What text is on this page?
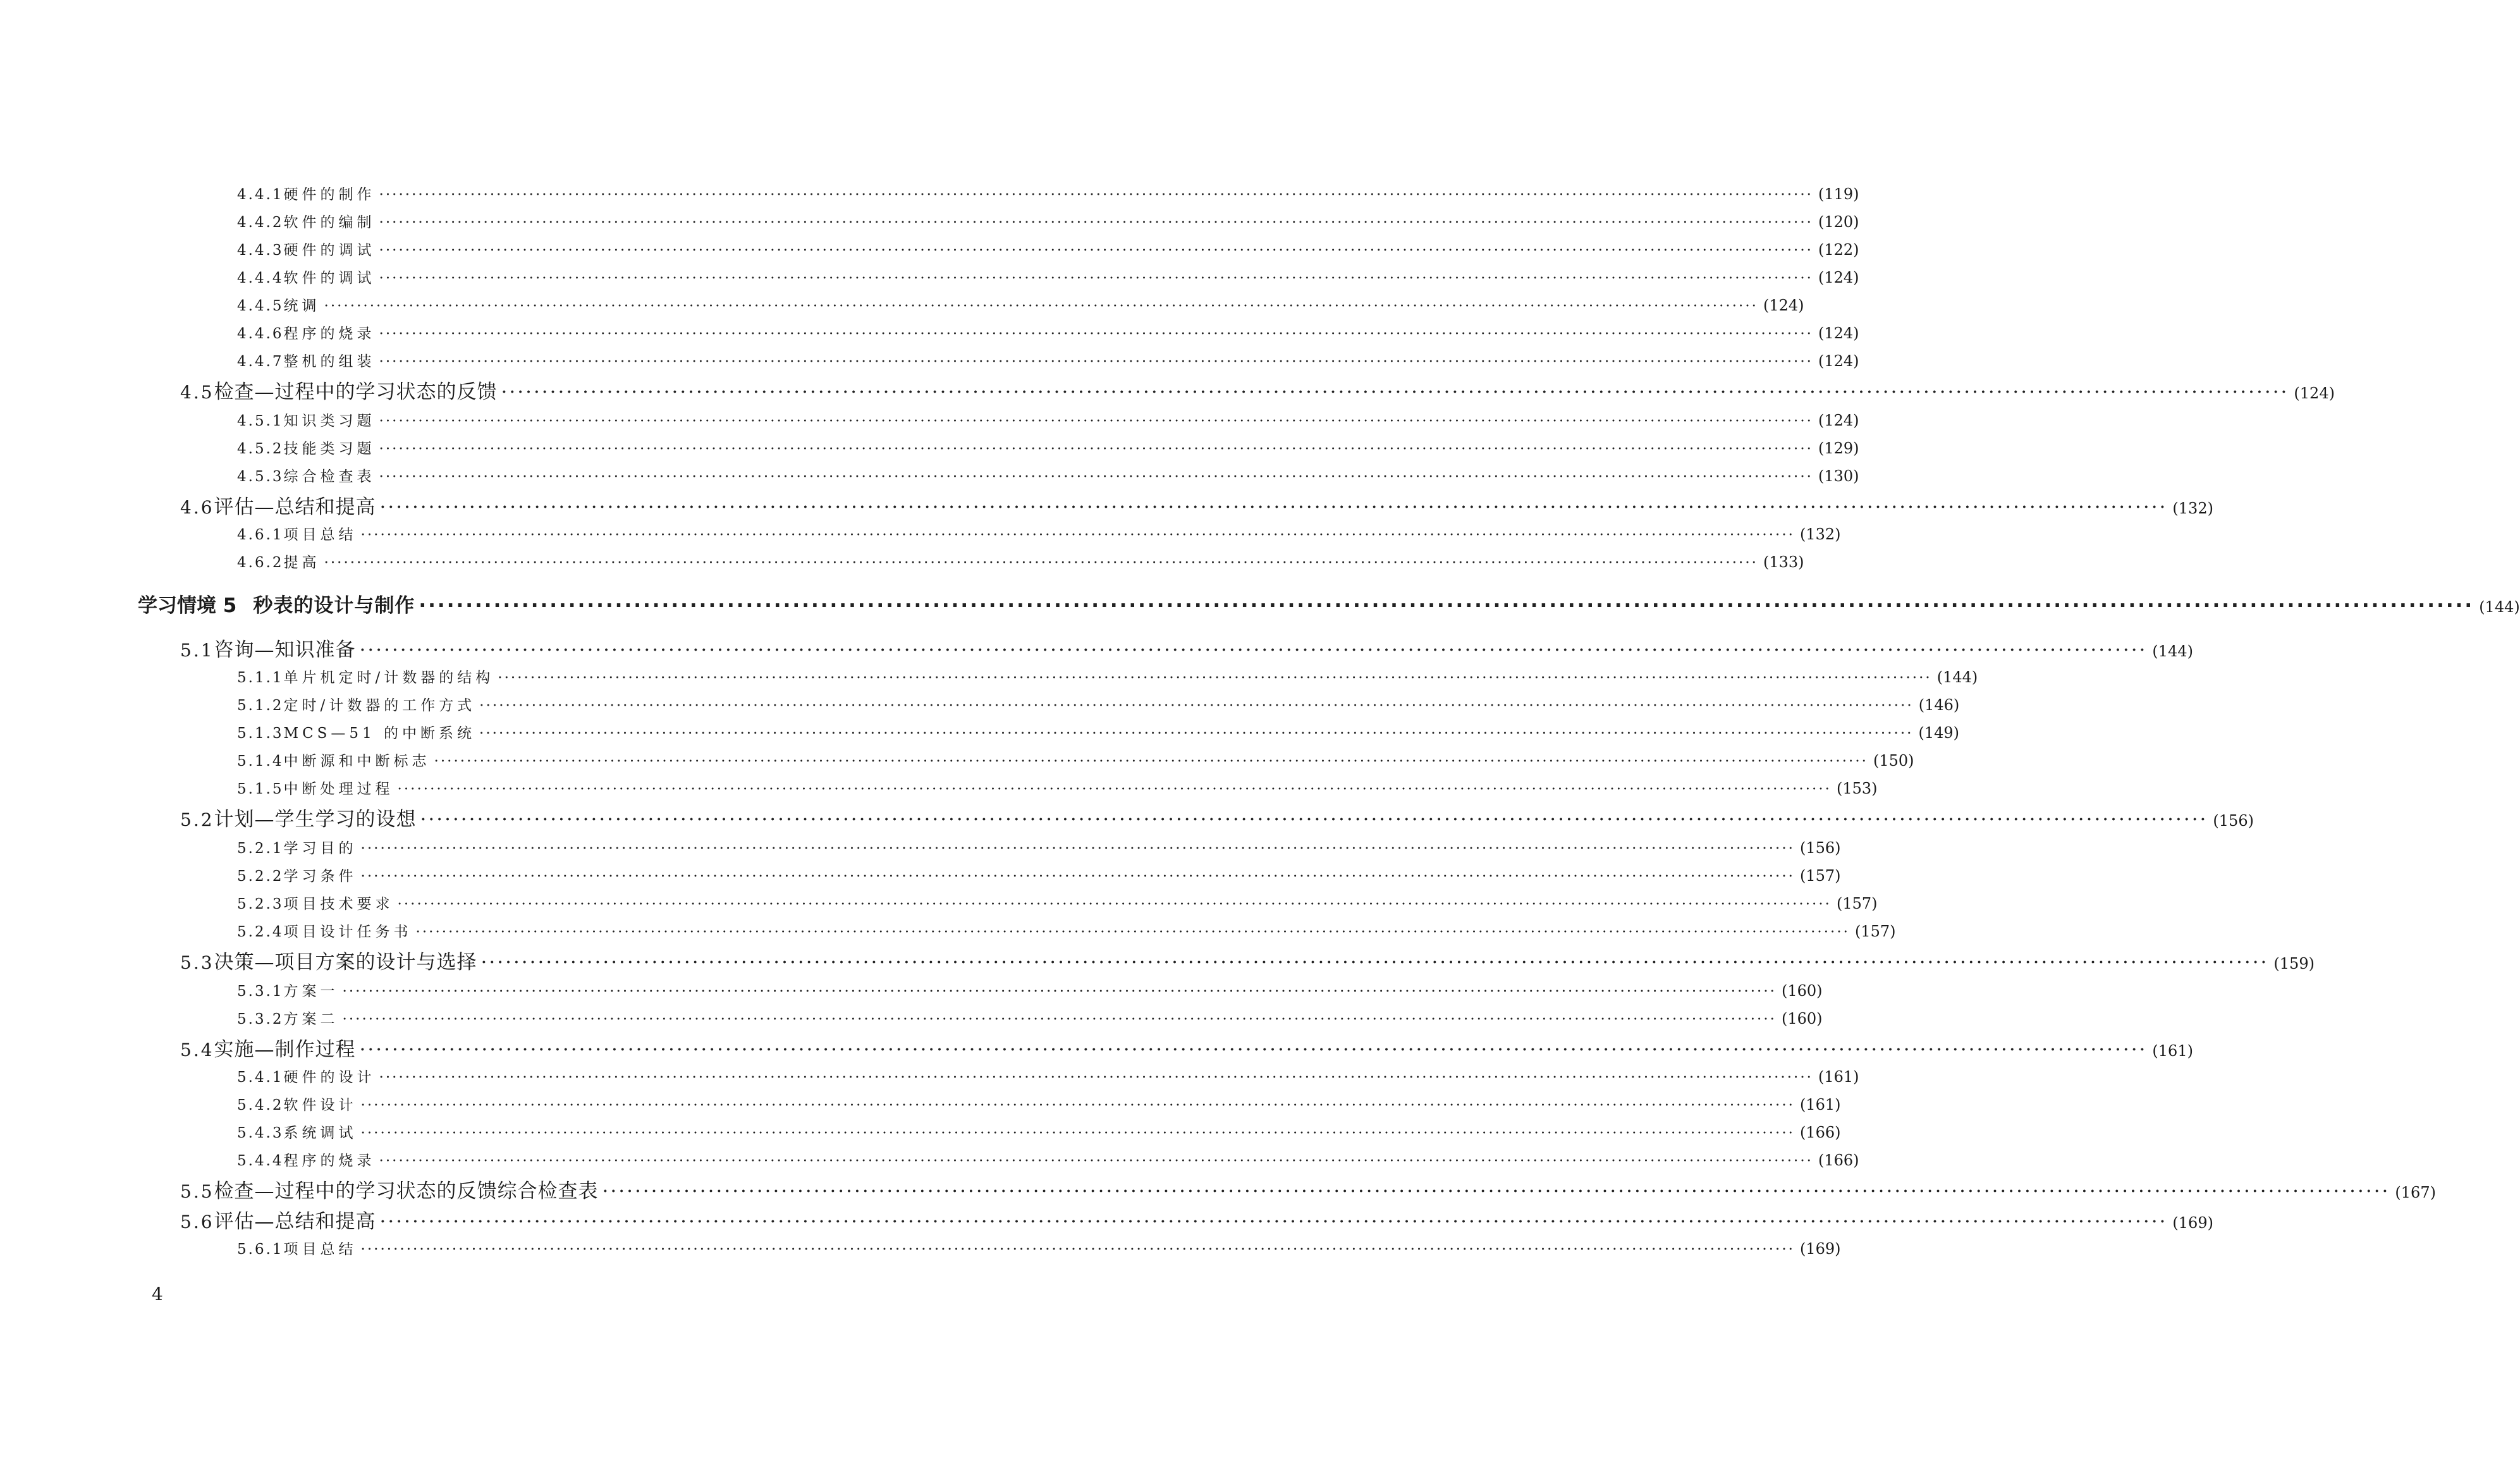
4.4.1 硬件的制作 ···························································································································································································································· (119)
4.4.2 软件的编制 ···························································································································································································································· (120)
4.4.3 硬件的调试 ···························································································································································································································· (122)
4.4.4 软件的调试 ···························································································································································································································· (124)
4.4.5 统调 ···························································································································································································································· (124)
4.4.6 程序的烧录 ···························································································································································································································· (124)
4.4.7 整机的组装 ···························································································································································································································· (124)
4.5 检查—过程中的学习状态的反馈 ···························································································································································································································· (124)
4.5.1 知识类习题 ···························································································································································································································· (124)
4.5.2 技能类习题 ···························································································································································································································· (129)
4.5.3 综合检查表 ···························································································································································································································· (130)
4.6 评估—总结和提高 ···························································································································································································································· (132)
4.6.1 项目总结 ···························································································································································································································· (132)
4.6.2 提高 ···························································································································································································································· (133)
学习情境 5 秒表的设计与制作 ···························································································································································································································· (144)
5.1 咨询—知识准备 ···························································································································································································································· (144)
5.1.1 单片机定时/计数器的结构 ···························································································································································································································· (144)
5.1.2 定时/计数器的工作方式 ···························································································································································································································· (146)
5.1.3 MCS—51 的中断系统 ···························································································································································································································· (149)
5.1.4 中断源和中断标志 ···························································································································································································································· (150)
5.1.5 中断处理过程 ···························································································································································································································· (153)
5.2 计划—学生学习的设想 ···························································································································································································································· (156)
5.2.1 学习目的 ···························································································································································································································· (156)
5.2.2 学习条件 ···························································································································································································································· (157)
5.2.3 项目技术要求 ···························································································································································································································· (157)
5.2.4 项目设计任务书 ···························································································································································································································· (157)
5.3 决策—项目方案的设计与选择 ···························································································································································································································· (159)
5.3.1 方案一 ···························································································································································································································· (160)
5.3.2 方案二 ···························································································································································································································· (160)
5.4 实施—制作过程 ···························································································································································································································· (161)
5.4.1 硬件的设计 ···························································································································································································································· (161)
5.4.2 软件设计 ···························································································································································································································· (161)
5.4.3 系统调试 ···························································································································································································································· (166)
5.4.4 程序的烧录 ···························································································································································································································· (166)
5.5 检查—过程中的学习状态的反馈综合检查表 ···························································································································································································································· (167)
5.6 评估—总结和提高 ···························································································································································································································· (169)
5.6.1 项目总结 ···························································································································································································································· (169)
4
